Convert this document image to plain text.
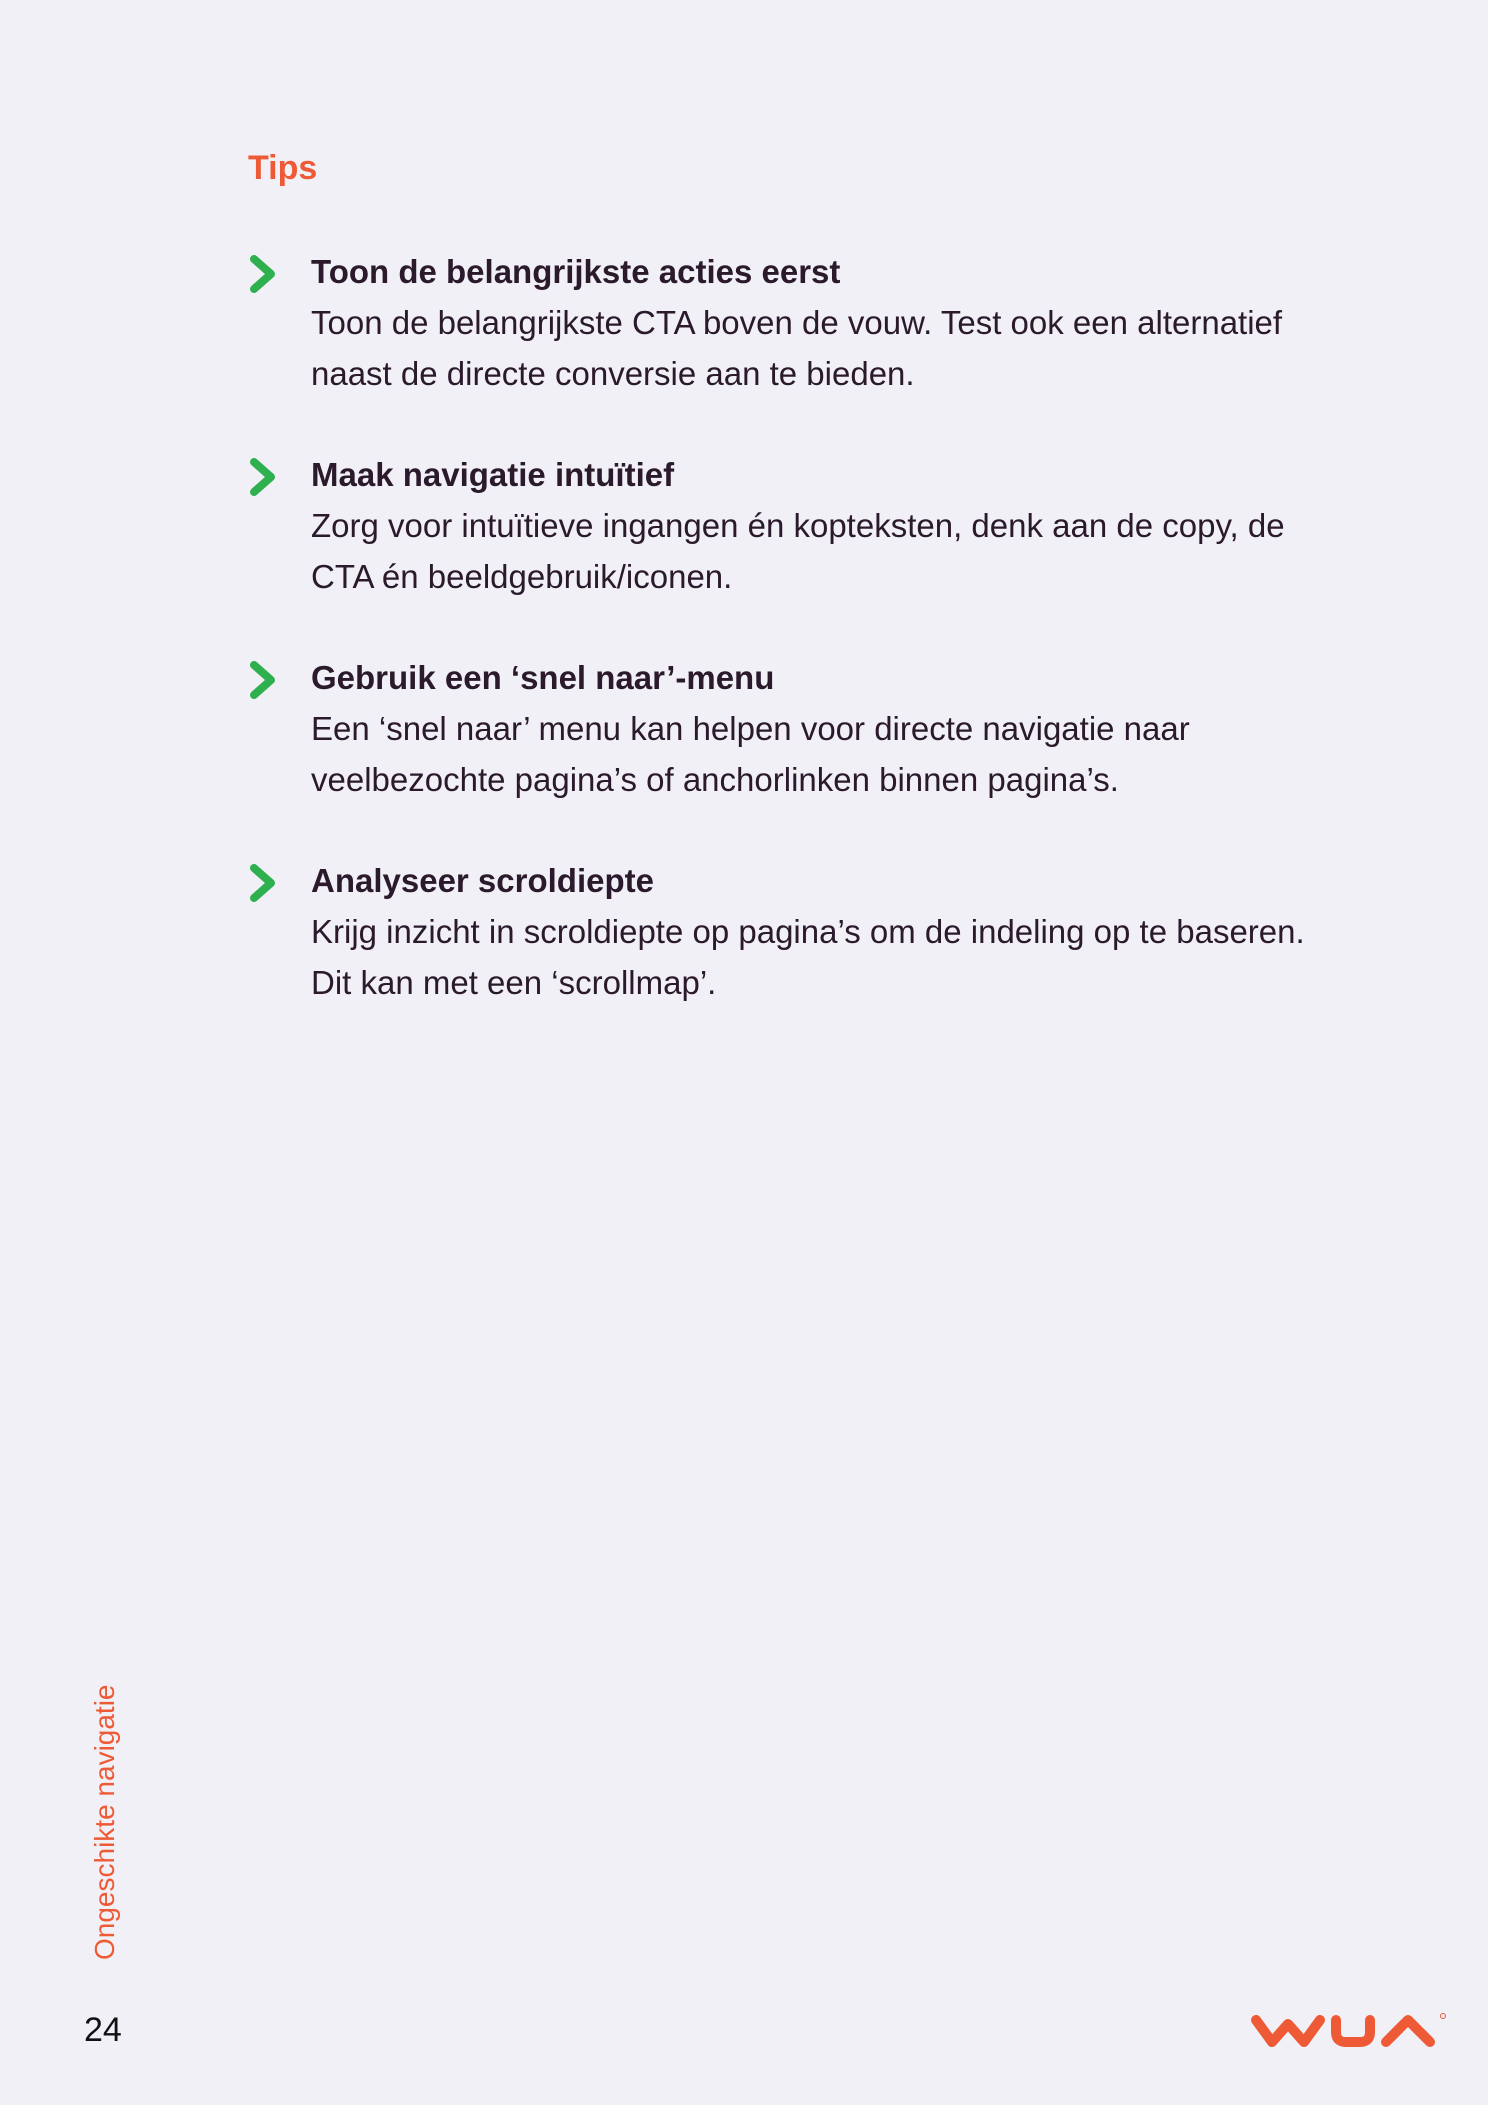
Tips
Toon de belangrijkste acties eerst
Toon de belangrijkste CTA boven de vouw. Test ook een alternatief naast de directe conversie aan te bieden.
Maak navigatie intuïtief
Zorg voor intuïtieve ingangen én kopteksten, denk aan de copy, de CTA én beeldgebruik/iconen.
Gebruik een ‘snel naar’-menu
Een ‘snel naar’ menu kan helpen voor directe navigatie naar veelbezochte pagina’s of anchorlinken binnen pagina’s.
Analyseer scroldiepte
Krijg inzicht in scroldiepte op pagina’s om de indeling op te baseren. Dit kan met een ‘scrollmap’.
Ongeschikte navigatie
24
